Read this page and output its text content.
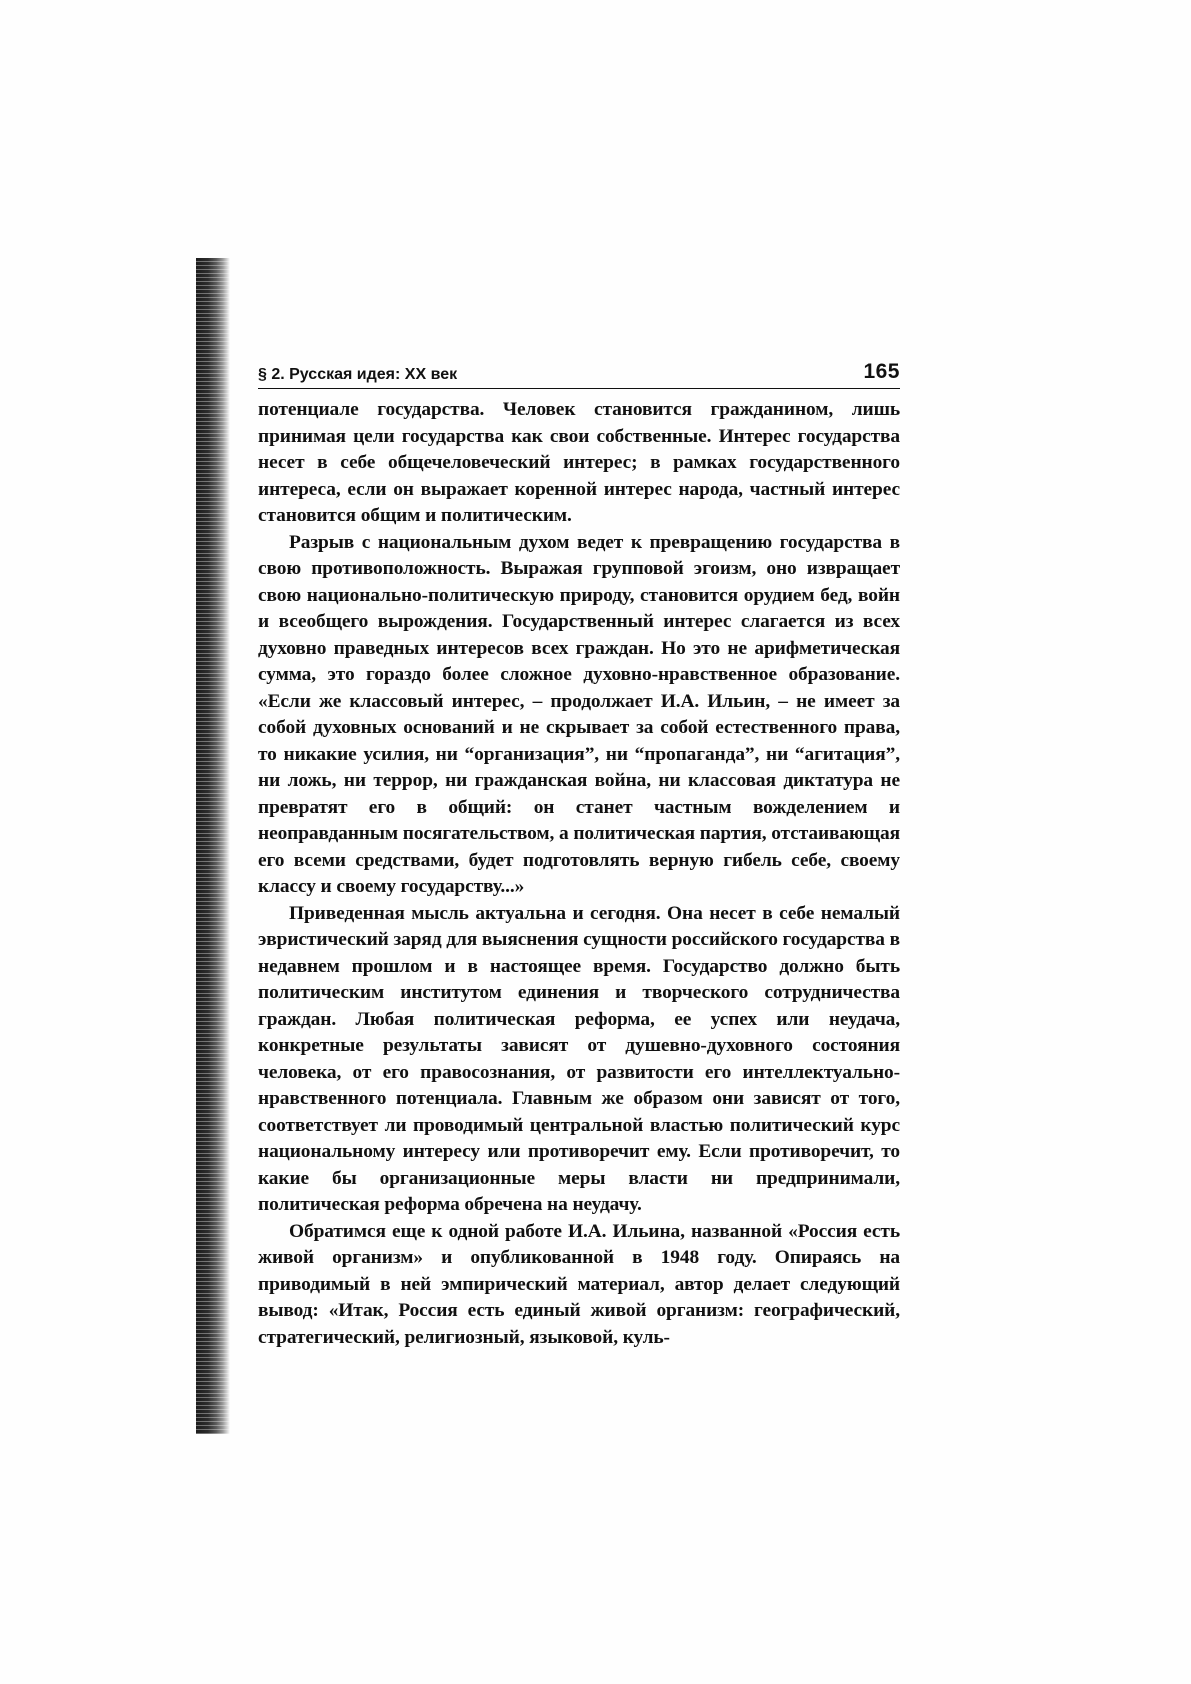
§ 2. Русская идея: XX век	165

потенциале государства. Человек становится гражданином, лишь принимая цели государства как свои собственные. Интерес государства несет в себе общечеловеческий интерес; в рамках государственного интереса, если он выражает коренной интерес народа, частный интерес становится общим и политическим.

Разрыв с национальным духом ведет к превращению государства в свою противоположность. Выражая групповой эгоизм, оно извращает свою национально-политическую природу, становится орудием бед, войн и всеобщего вырождения. Государственный интерес слагается из всех духовно праведных интересов всех граждан. Но это не арифметическая сумма, это гораздо более сложное духовно-нравственное образование. «Если же классовый интерес, – продолжает И.А. Ильин, – не имеет за собой духовных оснований и не скрывает за собой естественного права, то никакие усилия, ни “организация”, ни “пропаганда”, ни “агитация”, ни ложь, ни террор, ни гражданская война, ни классовая диктатура не превратят его в общий: он станет частным вожделением и неоправданным посягательством, а политическая партия, отстаивающая его всеми средствами, будет подготовлять верную гибель себе, своему классу и своему государству...»

Приведенная мысль актуальна и сегодня. Она несет в себе немалый эвристический заряд для выяснения сущности российского государства в недавнем прошлом и в настоящее время. Государство должно быть политическим институтом единения и творческого сотрудничества граждан. Любая политическая реформа, ее успех или неудача, конкретные результаты зависят от душевно-духовного состояния человека, от его правосознания, от развитости его интеллектуально-нравственного потенциала. Главным же образом они зависят от того, соответствует ли проводимый центральной властью политический курс национальному интересу или противоречит ему. Если противоречит, то какие бы организационные меры власти ни предпринимали, политическая реформа обречена на неудачу.

Обратимся еще к одной работе И.А. Ильина, названной «Россия есть живой организм» и опубликованной в 1948 году. Опираясь на приводимый в ней эмпирический материал, автор делает следующий вывод: «Итак, Россия есть единый живой организм: географический, стратегический, религиозный, языковой, куль-
